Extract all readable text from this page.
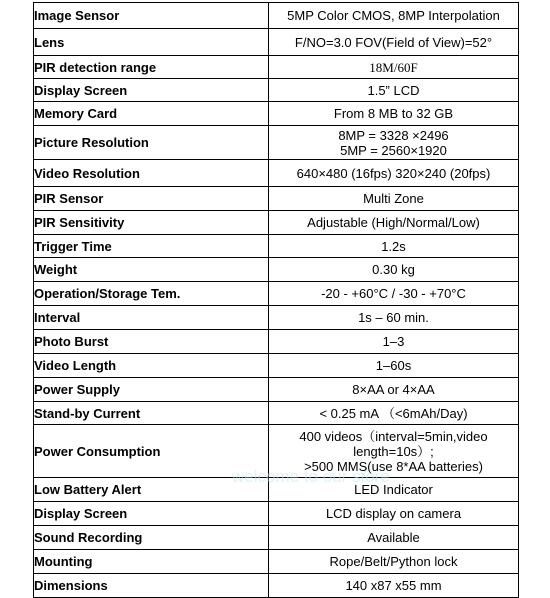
Image Sensor	5MP Color CMOS, 8MP Interpolation

Lens	F/NO=3.0 FOV(Field of View)=52°

PIR detection range	18M/60F

Display Screen	1.5” LCD

Memory Card	From 8 MB to 32 GB

Picture Resolution	8MP = 3328 ×2496
5MP = 2560×1920

Video Resolution	640×480 (16fps) 320×240 (20fps)

PIR Sensor	Multi Zone

PIR Sensitivity	Adjustable (High/Normal/Low)

Trigger Time	1.2s

Weight	0.30 kg

Operation/Storage Tem.	-20 - +60°C / -30 - +70°C

Interval	1s – 60 min.

Photo Burst	1–3

Video Length	1–60s

Power Supply	8×AA or 4×AA

Stand-by Current	< 0.25 mA （<6mAh/Day)

Power Consumption	400 videos（interval=5min,video
length=10s）;
>500 MMS(use 8*AA batteries)

Low Battery Alert	LED Indicator

Display Screen	LCD display on camera

Sound Recording	Available

Mounting	Rope/Belt/Python lock

Dimensions	140 x87 x55 mm
welcome to our store
